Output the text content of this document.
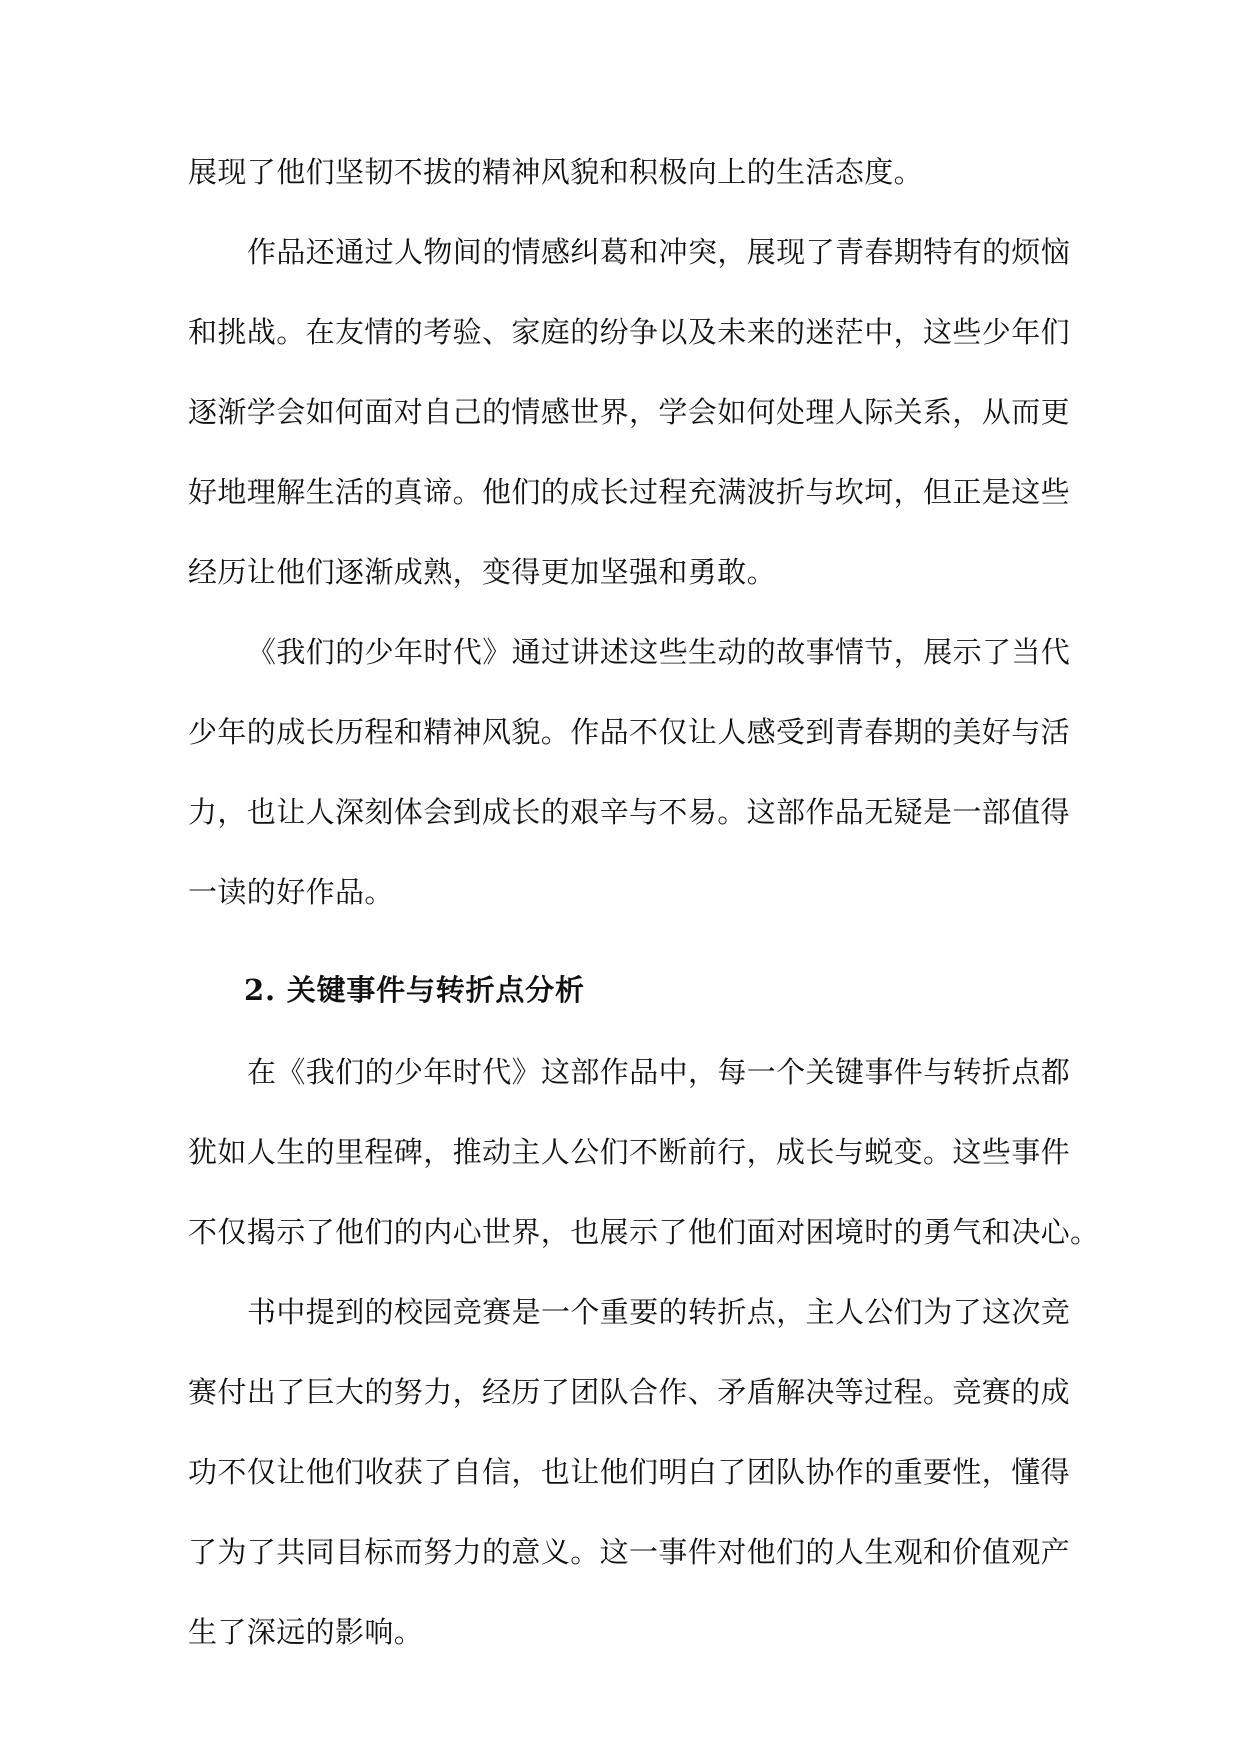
展现了他们坚韧不拔的精神风貌和积极向上的生活态度。
作品还通过人物间的情感纠葛和冲突，展现了青春期特有的烦恼
和挑战。在友情的考验、家庭的纷争以及未来的迷茫中，这些少年们
逐渐学会如何面对自己的情感世界，学会如何处理人际关系，从而更
好地理解生活的真谛。他们的成长过程充满波折与坎坷，但正是这些
经历让他们逐渐成熟，变得更加坚强和勇敢。
《我们的少年时代》通过讲述这些生动的故事情节，展示了当代
少年的成长历程和精神风貌。作品不仅让人感受到青春期的美好与活
力，也让人深刻体会到成长的艰辛与不易。这部作品无疑是一部值得
一读的好作品。
2. 关键事件与转折点分析
在《我们的少年时代》这部作品中，每一个关键事件与转折点都
犹如人生的里程碑，推动主人公们不断前行，成长与蜕变。这些事件
不仅揭示了他们的内心世界，也展示了他们面对困境时的勇气和决心。
书中提到的校园竞赛是一个重要的转折点，主人公们为了这次竞
赛付出了巨大的努力，经历了团队合作、矛盾解决等过程。竞赛的成
功不仅让他们收获了自信，也让他们明白了团队协作的重要性，懂得
了为了共同目标而努力的意义。这一事件对他们的人生观和价值观产
生了深远的影响。
